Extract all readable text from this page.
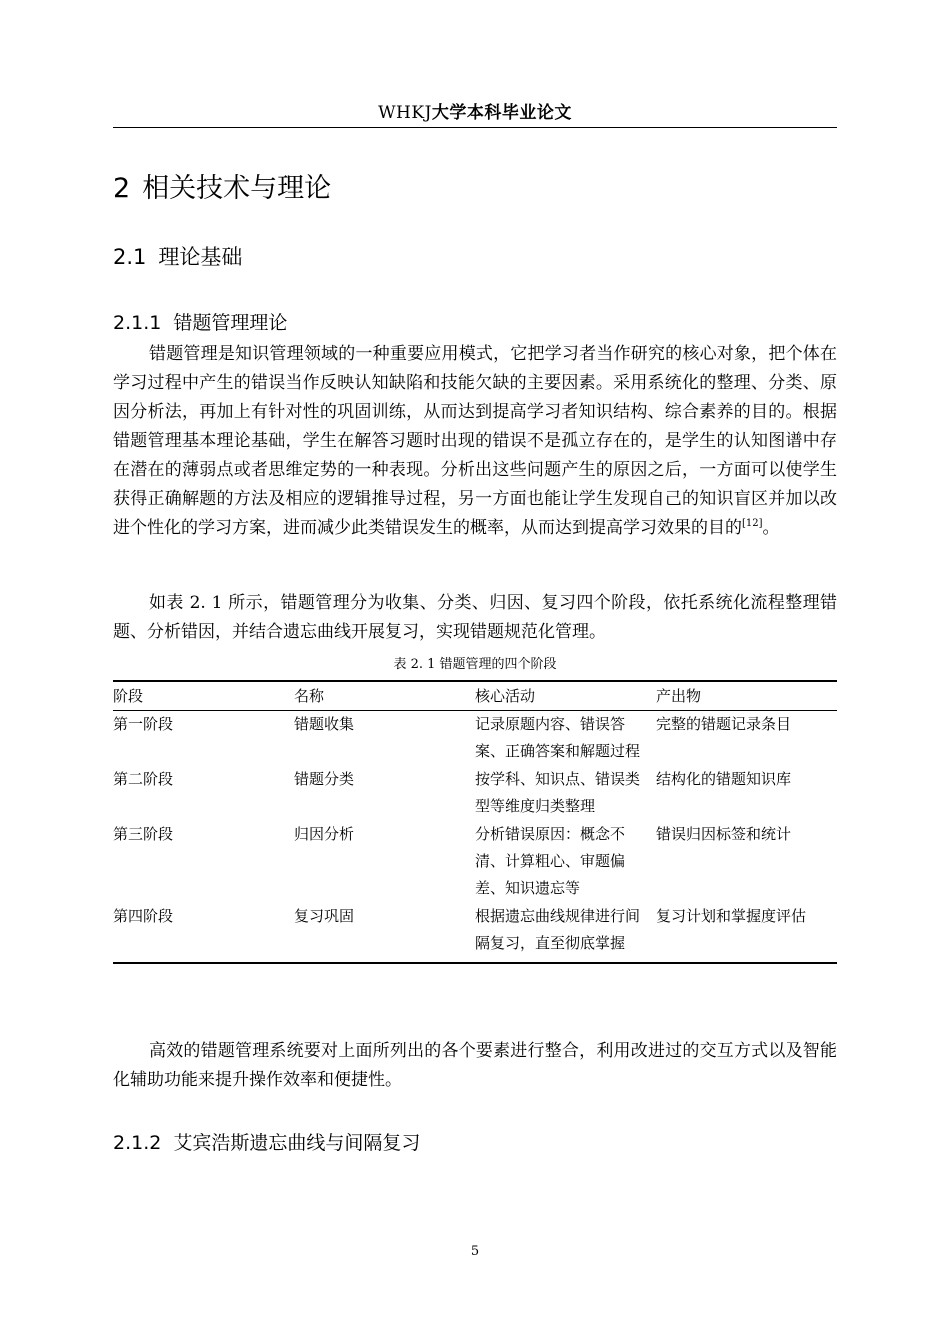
WHKJ大学本科毕业论文
2 相关技术与理论
2.1 理论基础
2.1.1 错题管理理论

错题管理是知识管理领域的一种重要应用模式，它把学习者当作研究的核心对象，把个体在学习过程中产生的错误当作反映认知缺陷和技能欠缺的主要因素。采用系统化的整理、分类、原因分析法，再加上有针对性的巩固训练，从而达到提高学习者知识结构、综合素养的目的。根据错题管理基本理论基础，学生在解答习题时出现的错误不是孤立存在的，是学生的认知图谱中存在潜在的薄弱点或者思维定势的一种表现。分析出这些问题产生的原因之后，一方面可以使学生获得正确解题的方法及相应的逻辑推导过程，另一方面也能让学生发现自己的知识盲区并加以改进个性化的学习方案，进而减少此类错误发生的概率，从而达到提高学习效果的目的[12]。

如表 2. 1 所示，错题管理分为收集、分类、归因、复习四个阶段，依托系统化流程整理错题、分析错因，并结合遗忘曲线开展复习，实现错题规范化管理。

表 2. 1 错题管理的四个阶段
阶段	名称	核心活动	产出物
第一阶段	错题收集	记录原题内容、错误答案、正确答案和解题过程	完整的错题记录条目
第二阶段	错题分类	按学科、知识点、错误类型等维度归类整理	结构化的错题知识库
第三阶段	归因分析	分析错误原因：概念不清、计算粗心、审题偏差、知识遗忘等	错误归因标签和统计
第四阶段	复习巩固	根据遗忘曲线规律进行间隔复习，直至彻底掌握	复习计划和掌握度评估

高效的错题管理系统要对上面所列出的各个要素进行整合，利用改进过的交互方式以及智能化辅助功能来提升操作效率和便捷性。

2.1.2 艾宾浩斯遗忘曲线与间隔复习
5
